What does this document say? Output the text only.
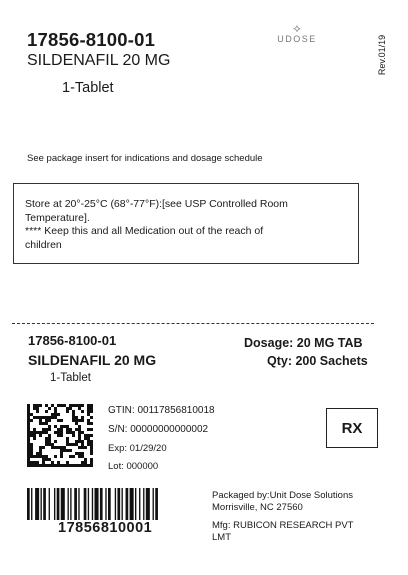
17856-8100-01
SILDENAFIL 20 MG
1-Tablet
⟡
UDOSE	Rev.01/19
See package insert for indications and dosage schedule
Store at 20°-25°C (68°-77°F):[see USP Controlled Room
Temperature].
**** Keep this and all Medication out of the reach of
children
17856-8100-01
SILDENAFIL 20 MG
1-Tablet
Dosage: 20 MG TAB
Qty: 200 Sachets
GTIN: 00117856810018
S/N: 00000000000002
Exp: 01/29/20
Lot: 000000
RX
17856810001
Packaged by:Unit Dose Solutions
Morrisville, NC 27560
Mfg: RUBICON RESEARCH PVT
LMT
